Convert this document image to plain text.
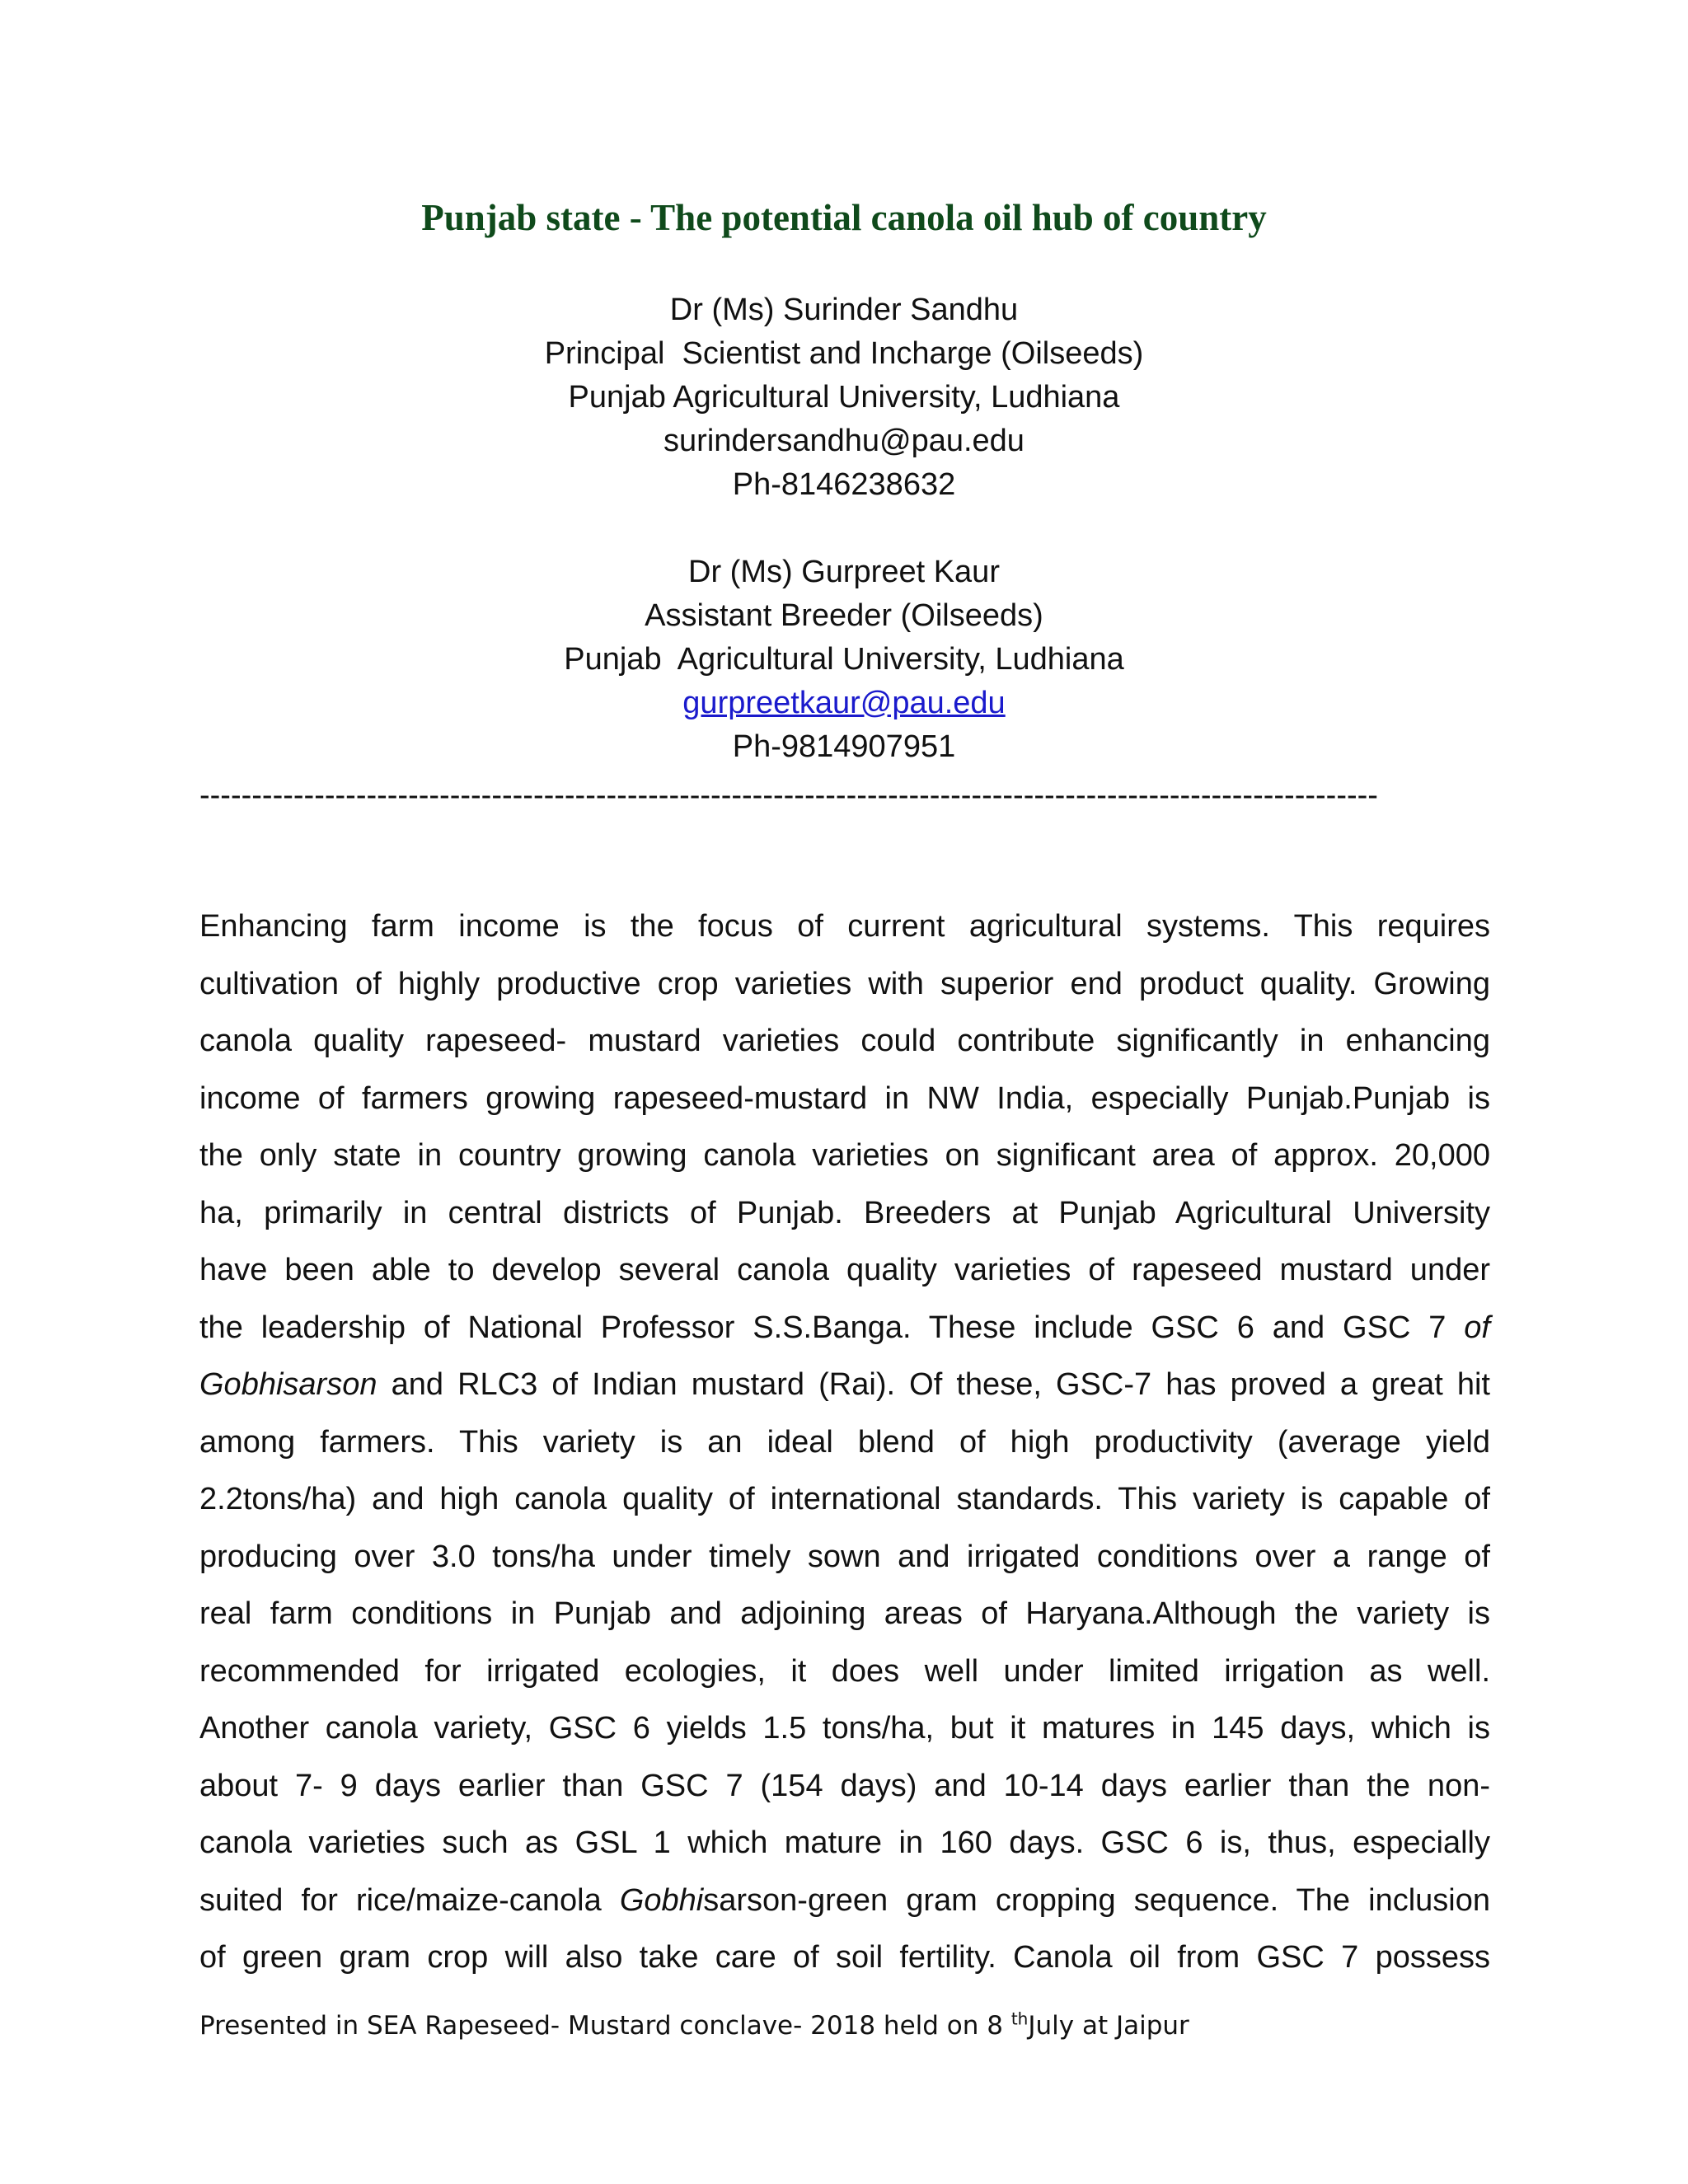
Punjab state - The potential canola oil hub of country
Dr (Ms) Surinder Sandhu
Principal  Scientist and Incharge (Oilseeds)
Punjab Agricultural University, Ludhiana
surindersandhu@pau.edu
Ph-8146238632
Dr (Ms) Gurpreet Kaur
Assistant Breeder (Oilseeds)
Punjab  Agricultural University, Ludhiana
gurpreetkaur@pau.edu
Ph-9814907951
-----------------------------------------------------------------------------------------------------------------
Enhancing farm income is the focus of current agricultural systems. This requires
cultivation of highly productive crop varieties with superior end product quality. Growing
canola quality rapeseed- mustard varieties could contribute significantly in enhancing
income of farmers growing rapeseed-mustard in NW India, especially Punjab.Punjab is
the only state in country growing canola varieties on significant area of approx. 20,000
ha, primarily in central districts of Punjab. Breeders at Punjab Agricultural University
have been able to develop several canola quality varieties of rapeseed mustard under
the leadership of National Professor S.S.Banga. These include GSC 6 and GSC 7 of
Gobhisarson and RLC3 of Indian mustard (Rai). Of these, GSC-7 has proved a great hit
among farmers. This variety is an ideal blend of high productivity (average yield
2.2tons/ha) and high canola quality of international standards. This variety is capable of
producing over 3.0 tons/ha under timely sown and irrigated conditions over a range of
real farm conditions in Punjab and adjoining areas of Haryana.Although the variety is
recommended for irrigated ecologies, it does well under limited irrigation as well.
Another canola variety, GSC 6 yields 1.5 tons/ha, but it matures in 145 days, which is
about 7- 9 days earlier than GSC 7 (154 days) and 10-14 days earlier than the non-
canola varieties such as GSL 1 which mature in 160 days. GSC 6 is, thus, especially
suited for rice/maize-canola Gobhisarson-green gram cropping sequence. The inclusion
of green gram crop will also take care of soil fertility. Canola oil from GSC 7 possess
Presented in SEA Rapeseed- Mustard conclave- 2018 held on 8 $^{th}$July at Jaipur
